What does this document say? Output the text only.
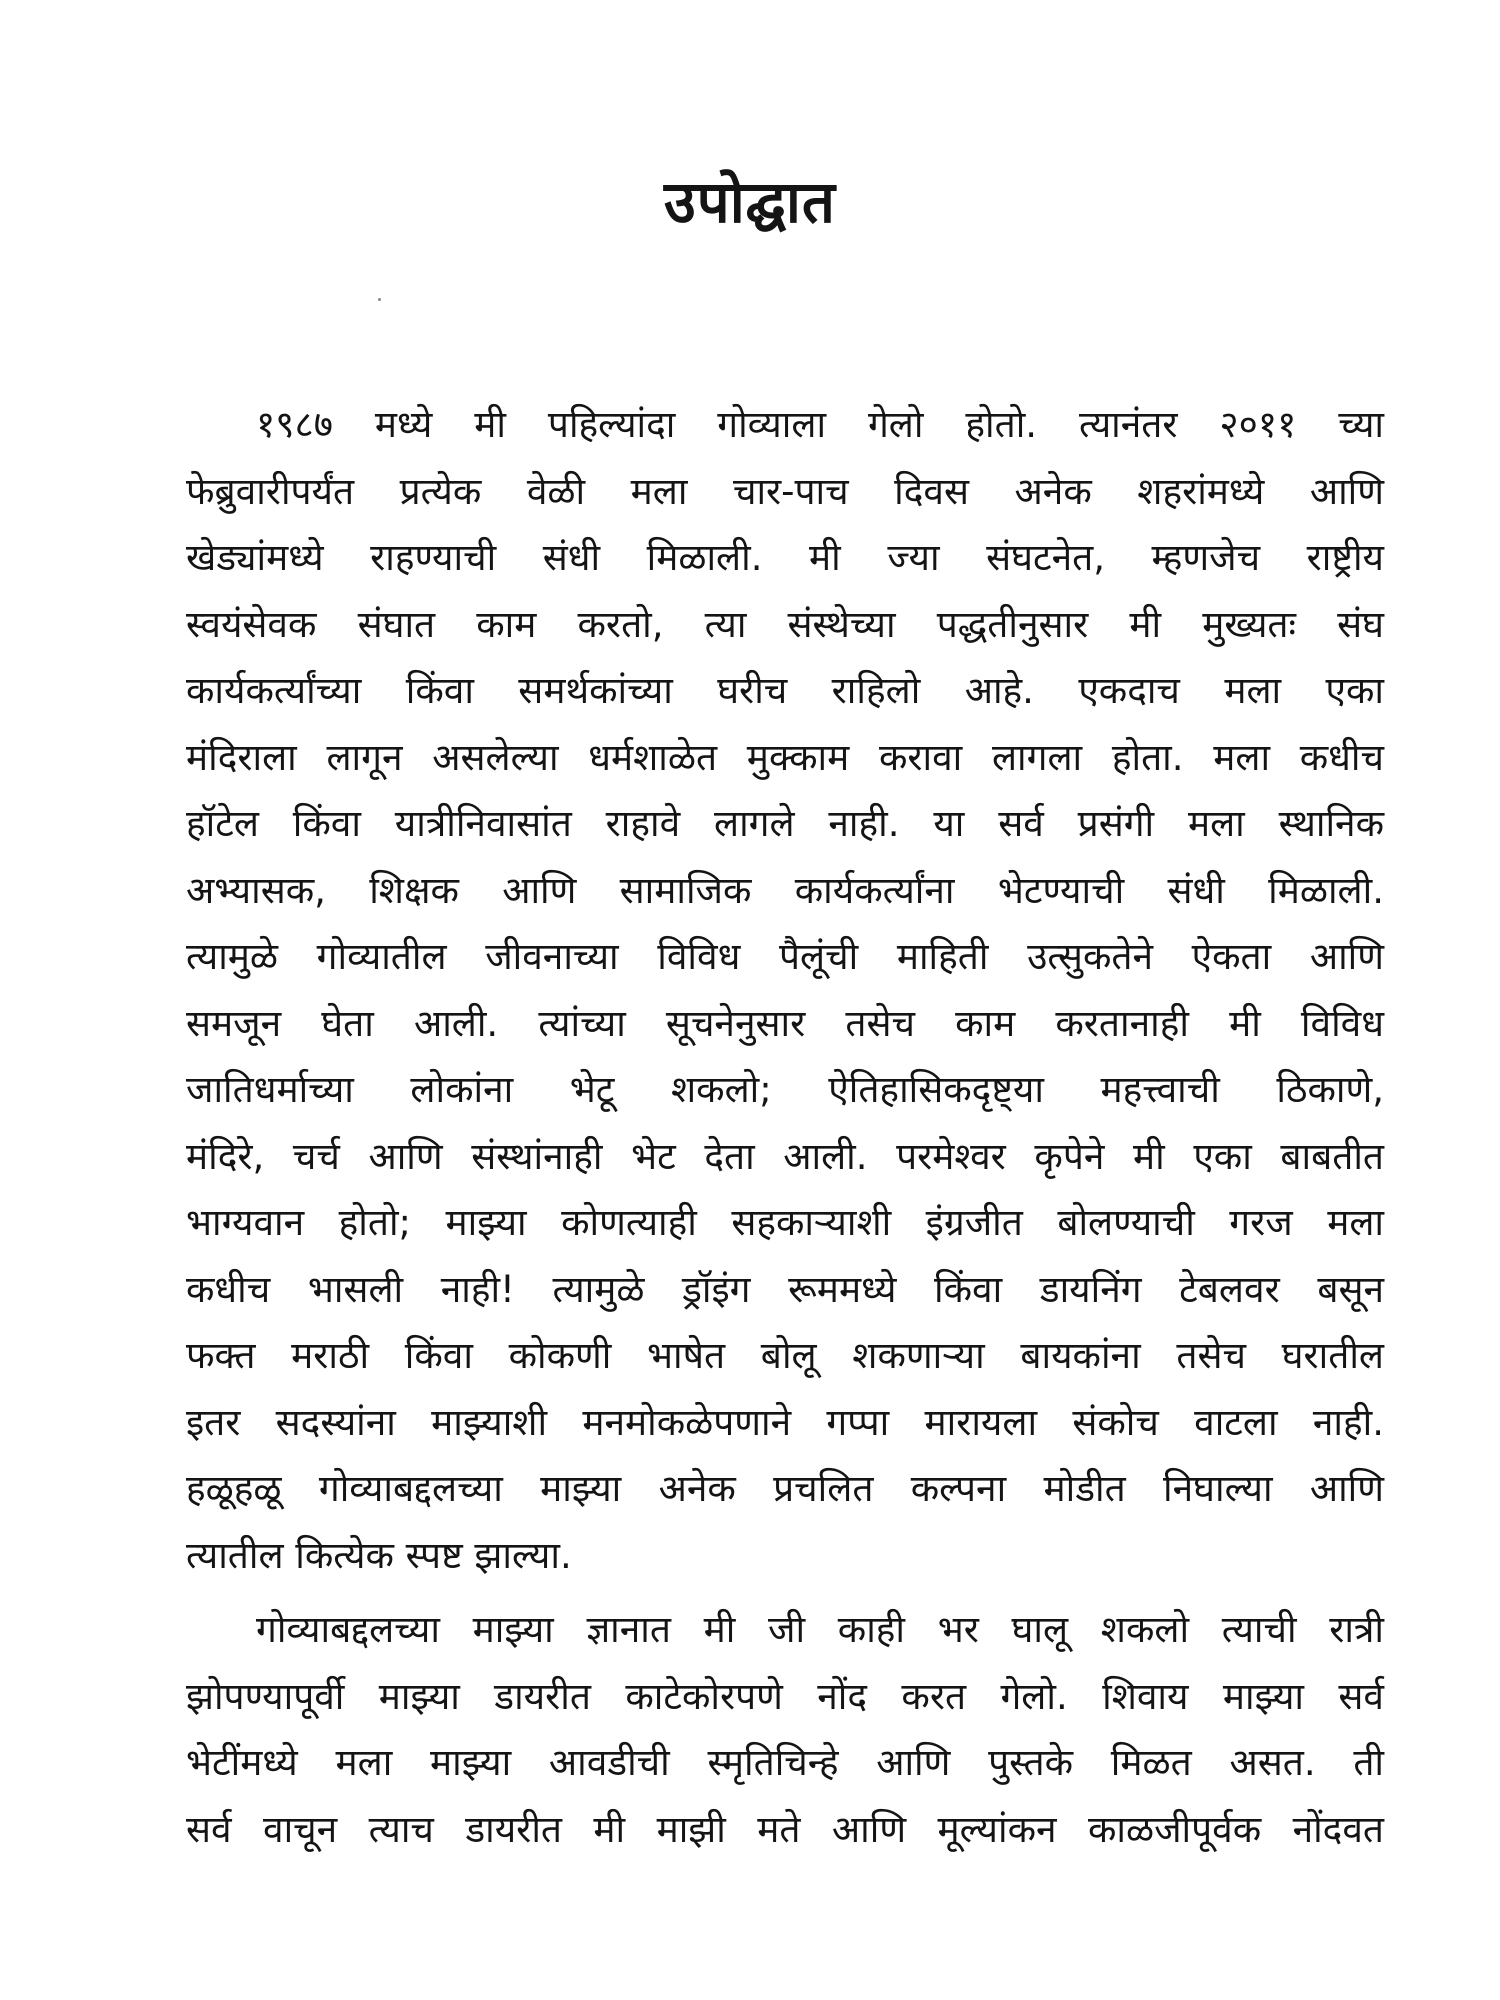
उपोद्घात
१९८७ मध्ये मी पहिल्यांदा गोव्याला गेलो होतो. त्यानंतर २०११ च्या
फेब्रुवारीपर्यंत प्रत्येक वेळी मला चार-पाच दिवस अनेक शहरांमध्ये आणि
खेड्यांमध्ये राहण्याची संधी मिळाली. मी ज्या संघटनेत, म्हणजेच राष्ट्रीय
स्वयंसेवक संघात काम करतो, त्या संस्थेच्या पद्धतीनुसार मी मुख्यतः संघ
कार्यकर्त्यांच्या किंवा समर्थकांच्या घरीच राहिलो आहे. एकदाच मला एका
मंदिराला लागून असलेल्या धर्मशाळेत मुक्काम करावा लागला होता. मला कधीच
हॉटेल किंवा यात्रीनिवासांत राहावे लागले नाही. या सर्व प्रसंगी मला स्थानिक
अभ्यासक, शिक्षक आणि सामाजिक कार्यकर्त्यांना भेटण्याची संधी मिळाली.
त्यामुळे गोव्यातील जीवनाच्या विविध पैलूंची माहिती उत्सुकतेने ऐकता आणि
समजून घेता आली. त्यांच्या सूचनेनुसार तसेच काम करतानाही मी विविध
जातिधर्माच्या लोकांना भेटू शकलो; ऐतिहासिकदृष्ट्या महत्त्वाची ठिकाणे,
मंदिरे, चर्च आणि संस्थांनाही भेट देता आली. परमेश्वर कृपेने मी एका बाबतीत
भाग्यवान होतो; माझ्या कोणत्याही सहकाऱ्याशी इंग्रजीत बोलण्याची गरज मला
कधीच भासली नाही! त्यामुळे ड्रॉइंग रूममध्ये किंवा डायनिंग टेबलवर बसून
फक्त मराठी किंवा कोकणी भाषेत बोलू शकणाऱ्या बायकांना तसेच घरातील
इतर सदस्यांना माझ्याशी मनमोकळेपणाने गप्पा मारायला संकोच वाटला नाही.
हळूहळू गोव्याबद्दलच्या माझ्या अनेक प्रचलित कल्पना मोडीत निघाल्या आणि
त्यातील कित्येक स्पष्ट झाल्या.
गोव्याबद्दलच्या माझ्या ज्ञानात मी जी काही भर घालू शकलो त्याची रात्री
झोपण्यापूर्वी माझ्या डायरीत काटेकोरपणे नोंद करत गेलो. शिवाय माझ्या सर्व
भेटींमध्ये मला माझ्या आवडीची स्मृतिचिन्हे आणि पुस्तके मिळत असत. ती
सर्व वाचून त्याच डायरीत मी माझी मते आणि मूल्यांकन काळजीपूर्वक नोंदवत
